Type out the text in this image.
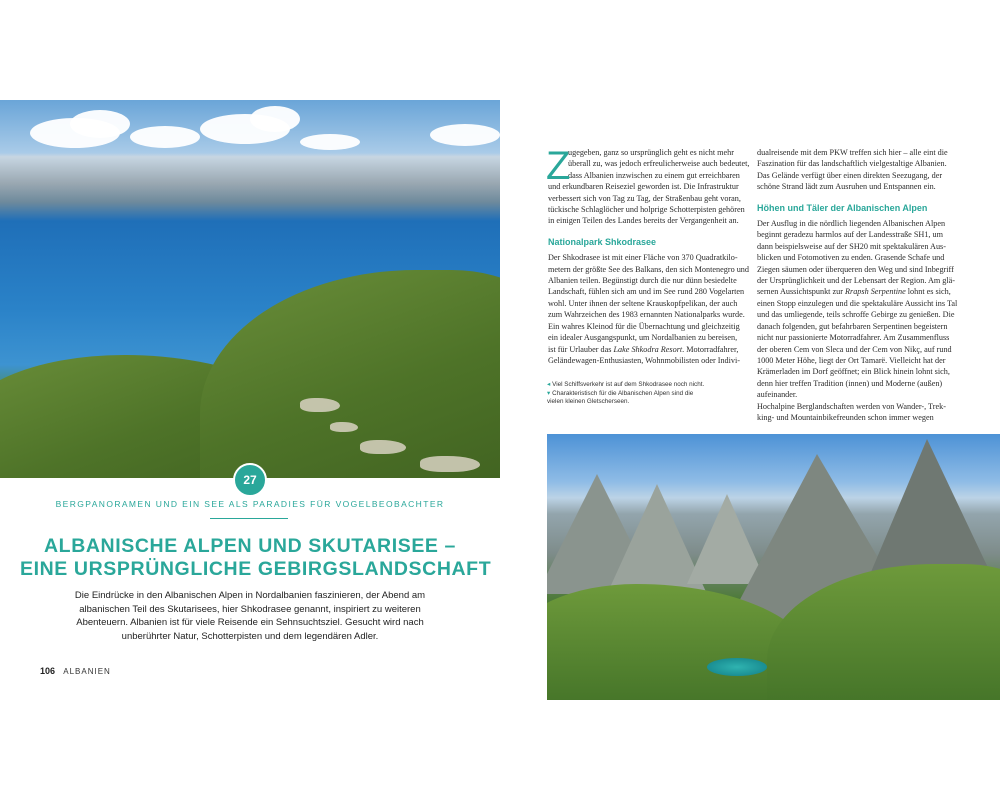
27
BERGPANORAMEN UND EIN SEE ALS PARADIES FÜR VOGELBEOBACHTER
ALBANISCHE ALPEN UND SKUTARISEE –
EINE URSPRÜNGLICHE GEBIRGSLANDSCHAFT
Die Eindrücke in den Albanischen Alpen in Nordalbanien faszinieren, der Abend am
albanischen Teil des Skutarisees, hier Shkodrasee genannt, inspiriert zu weiteren
Abenteuern. Albanien ist für viele Reisende ein Sehnsuchtsziel. Gesucht wird nach
unberührter Natur, Schotterpisten und dem legendären Adler.
106 ALBANIEN
Z
ugegeben, ganz so ursprünglich geht es nicht mehr
überall zu, was jedoch erfreulicherweise auch bedeutet,
dass Albanien inzwischen zu einem gut erreichbaren
und erkundbaren Reiseziel geworden ist. Die Infrastruktur
verbessert sich von Tag zu Tag, der Straßenbau geht voran,
tückische Schlaglöcher und holprige Schotterpisten gehören
in einigen Teilen des Landes bereits der Vergangenheit an.
Nationalpark Shkodrasee
Der Shkodrasee ist mit einer Fläche von 370 Quadratkilo-
metern der größte See des Balkans, den sich Montenegro und
Albanien teilen. Begünstigt durch die nur dünn besiedelte
Landschaft, fühlen sich am und im See rund 280 Vogelarten
wohl. Unter ihnen der seltene Krauskopfpelikan, der auch
zum Wahrzeichen des 1983 ernannten Nationalparks wurde.
Ein wahres Kleinod für die Übernachtung und gleichzeitig
ein idealer Ausgangspunkt, um Nordalbanien zu bereisen,
ist für Urlauber das Lake Shkodra Resort. Motorradfahrer,
Geländewagen-Enthusiasten, Wohnmobilisten oder Indivi-
dualreisende mit dem PKW treffen sich hier – alle eint die
Faszination für das landschaftlich vielgestaltige Albanien.
Das Gelände verfügt über einen direkten Seezugang, der
schöne Strand lädt zum Ausruhen und Entspannen ein.
Höhen und Täler der Albanischen Alpen
Der Ausflug in die nördlich liegenden Albanischen Alpen
beginnt geradezu harmlos auf der Landesstraße SH1, um
dann beispielsweise auf der SH20 mit spektakulären Aus-
blicken und Fotomotiven zu enden. Grasende Schafe und
Ziegen säumen oder überqueren den Weg und sind Inbegriff
der Ursprünglichkeit und der Lebensart der Region. Am glä-
sernen Aussichtspunkt zur Rrapsh Serpentine lohnt es sich,
einen Stopp einzulegen und die spektakuläre Aussicht ins Tal
und das umliegende, teils schroffe Gebirge zu genießen. Die
danach folgenden, gut befahrbaren Serpentinen begeistern
nicht nur passionierte Motorradfahrer. Am Zusammenfluss
der oberen Cem von Sleca und der Cem von Nikç, auf rund
1000 Meter Höhe, liegt der Ort Tamarë. Vielleicht hat der
Krämerladen im Dorf geöffnet; ein Blick hinein lohnt sich,
denn hier treffen Tradition (innen) und Moderne (außen)
aufeinander.
Hochalpine Berglandschaften werden von Wander-, Trek-
king- und Mountainbikefreunden schon immer wegen
◂ Viel Schiffsverkehr ist auf dem Shkodrasee noch nicht.
▾ Charakteristisch für die Albanischen Alpen sind die
vielen kleinen Gletscherseen.
